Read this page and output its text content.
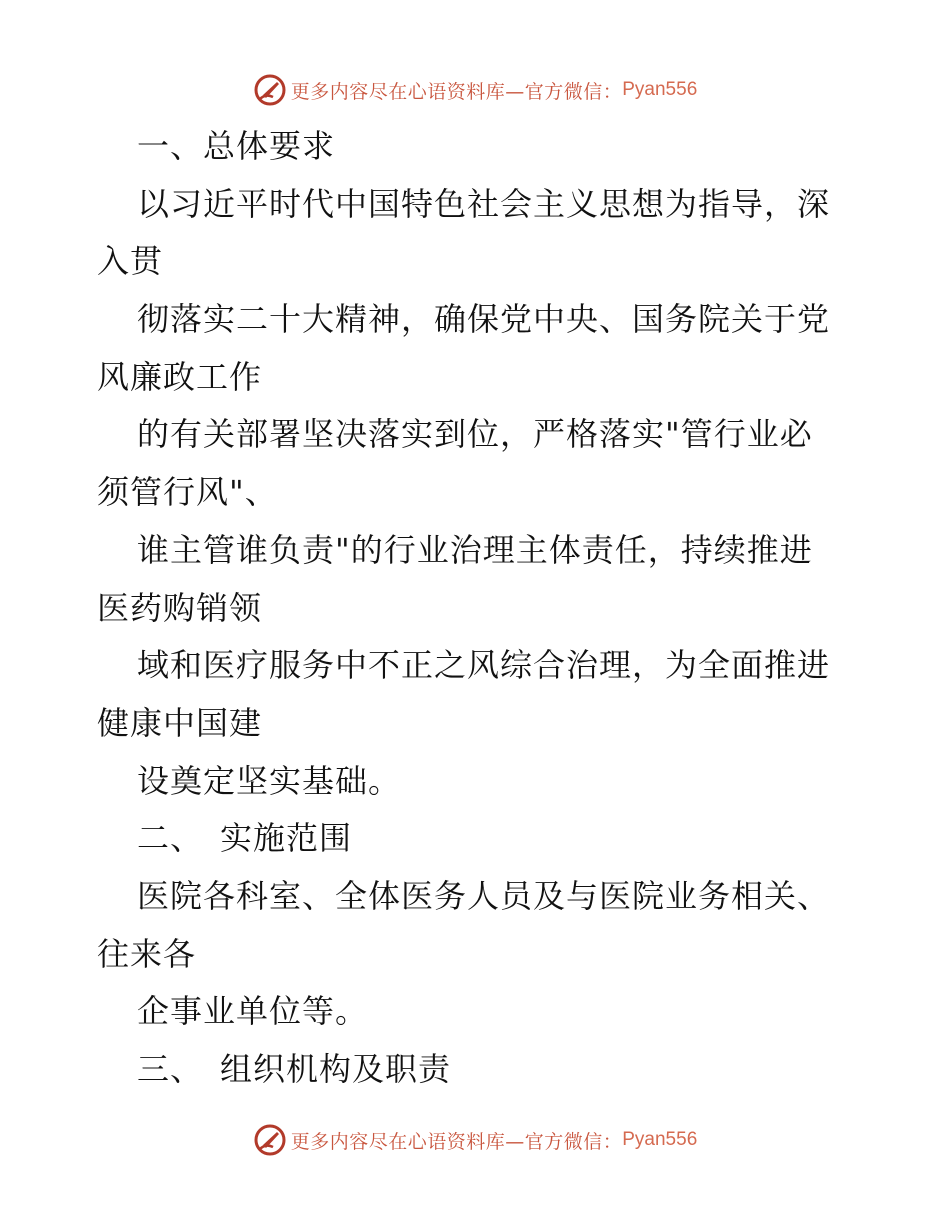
更多内容尽在心语资料库—官方微信： Pyan556
一、总体要求
以习近平时代中国特色社会主义思想为指导，深
入贯
彻落实二十大精神，确保党中央、国务院关于党
风廉政工作
的有关部署坚决落实到位，严格落实"管行业必
须管行风"、
谁主管谁负责"的行业治理主体责任，持续推进
医药购销领
域和医疗服务中不正之风综合治理，为全面推进
健康中国建
设奠定坚实基础。
二、　实施范围
医院各科室、全体医务人员及与医院业务相关、
往来各
企事业单位等。
三、　组织机构及职责
更多内容尽在心语资料库—官方微信： Pyan556
